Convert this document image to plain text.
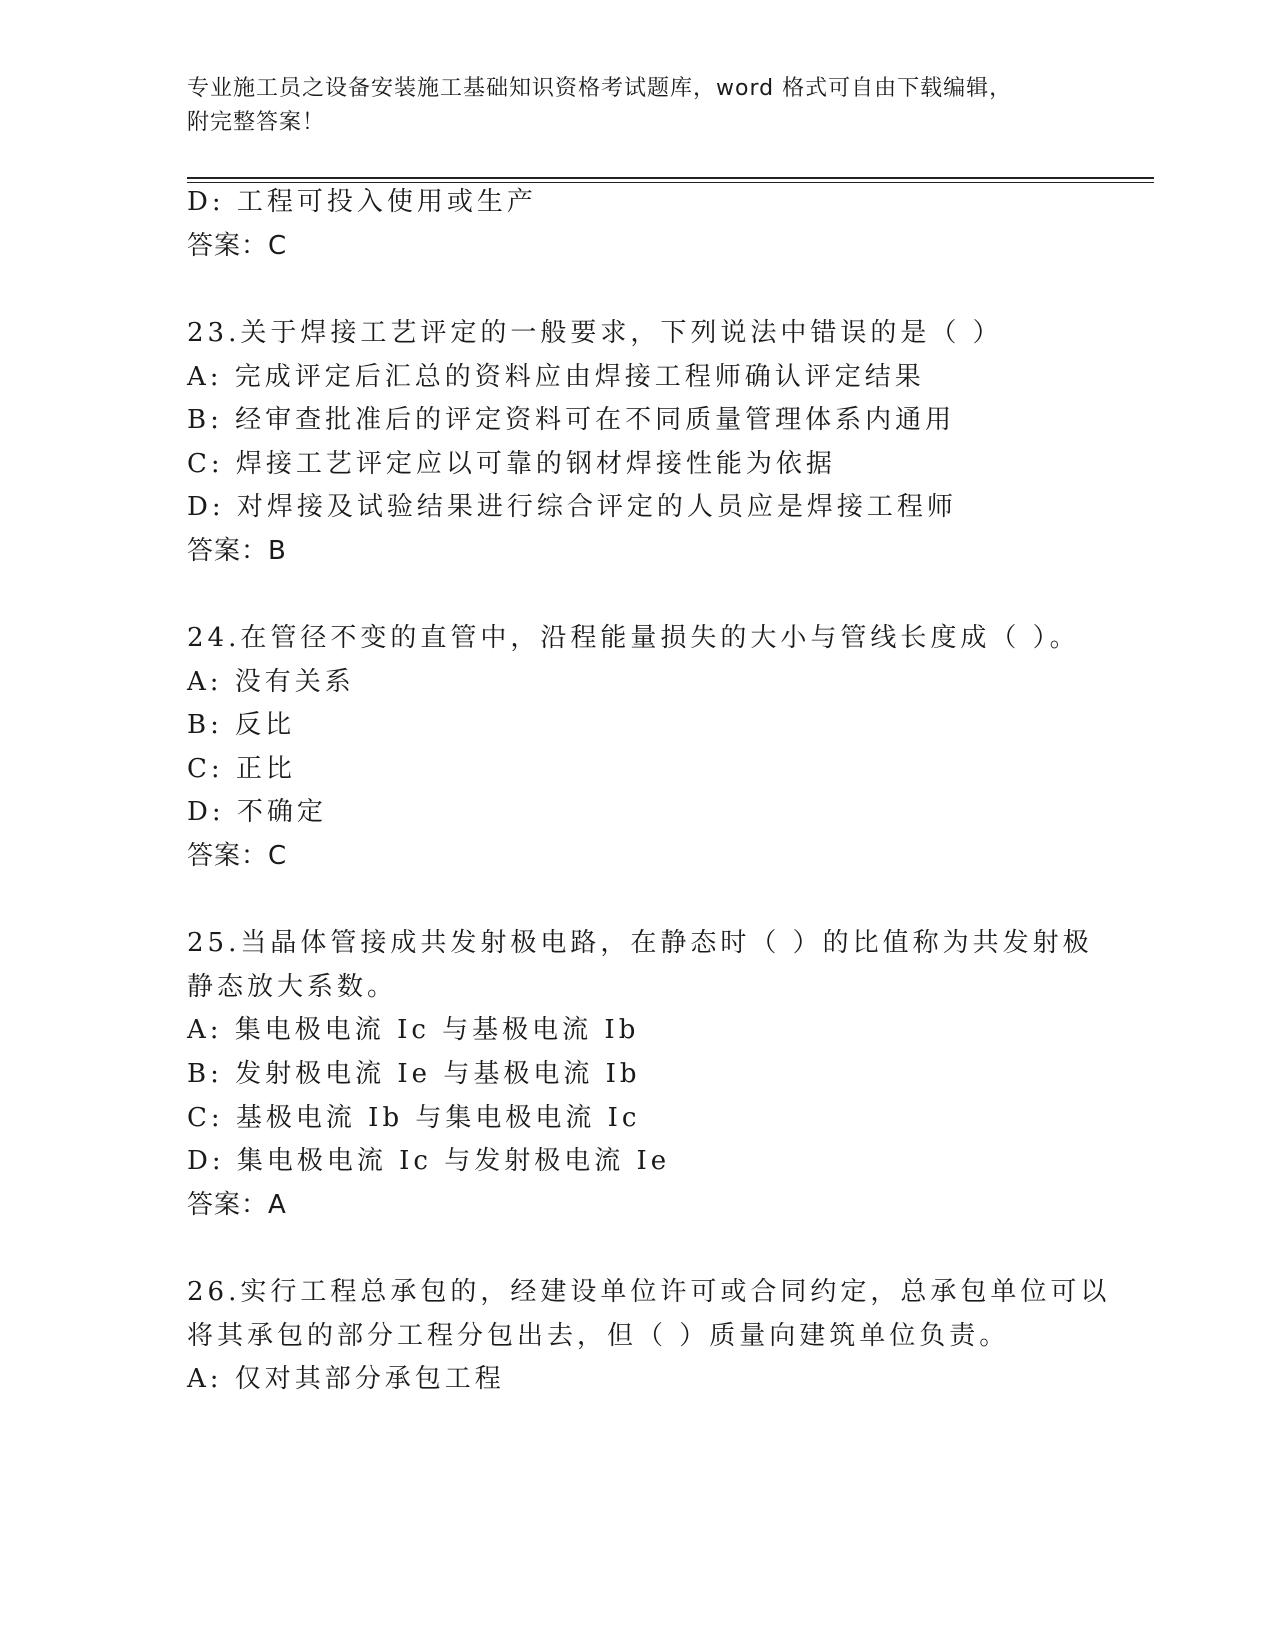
专业施工员之设备安装施工基础知识资格考试题库，word 格式可自由下载编辑，
附完整答案！
D: 工程可投入使用或生产
答案：C
23.关于焊接工艺评定的一般要求，下列说法中错误的是（ ）
A: 完成评定后汇总的资料应由焊接工程师确认评定结果
B: 经审查批准后的评定资料可在不同质量管理体系内通用
C: 焊接工艺评定应以可靠的钢材焊接性能为依据
D: 对焊接及试验结果进行综合评定的人员应是焊接工程师
答案：B
24.在管径不变的直管中，沿程能量损失的大小与管线长度成（ ）。
A: 没有关系
B: 反比
C: 正比
D: 不确定
答案：C
25.当晶体管接成共发射极电路，在静态时（ ）的比值称为共发射极
静态放大系数。
A: 集电极电流 Ic 与基极电流 Ib
B: 发射极电流 Ie 与基极电流 Ib
C: 基极电流 Ib 与集电极电流 Ic
D: 集电极电流 Ic 与发射极电流 Ie
答案：A
26.实行工程总承包的，经建设单位许可或合同约定，总承包单位可以
将其承包的部分工程分包出去，但（ ）质量向建筑单位负责。
A: 仅对其部分承包工程
